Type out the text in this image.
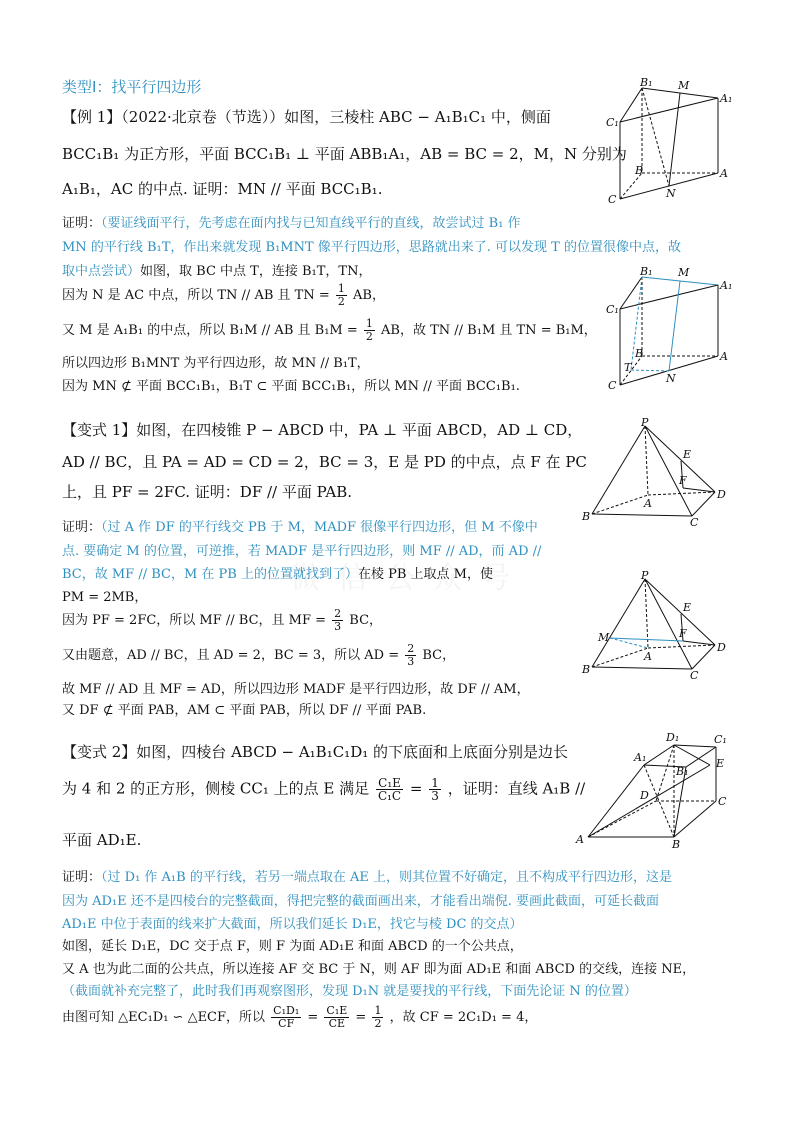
类型Ⅰ：找平行四边形
【例 1】（2022·北京卷（节选））如图，三棱柱 ABC − A₁B₁C₁ 中，侧面
BCC₁B₁ 为正方形，平面 BCC₁B₁ ⊥ 平面 ABB₁A₁，AB = BC = 2，M，N 分别为
A₁B₁，AC 的中点. 证明：MN // 平面 BCC₁B₁.
证明：（要证线面平行，先考虑在面内找与已知直线平行的直线，故尝试过 B₁ 作
MN 的平行线 B₁T，作出来就发现 B₁MNT 像平行四边形，思路就出来了. 可以发现 T 的位置很像中点，故
取中点尝试）如图，取 BC 中点 T，连接 B₁T，TN，
因为 N 是 AC 中点，所以 TN // AB 且 TN = $\frac{1}{2}$ AB，
又 M 是 A₁B₁ 的中点，所以 B₁M // AB 且 $B_1M = \frac{1}{2}$ AB，故 TN // B₁M 且 TN = B₁M，
所以四边形 B₁MNT 为平行四边形，故 MN // B₁T，
因为 MN ⊄ 平面 BCC₁B₁，B₁T ⊂ 平面 BCC₁B₁，所以 MN // 平面 BCC₁B₁.
【变式 1】如图，在四棱锥 P − ABCD 中，PA ⊥ 平面 ABCD，AD ⊥ CD，
AD // BC，且 PA = AD = CD = 2，BC = 3，E 是 PD 的中点，点 F 在 PC
上，且 PF = 2FC. 证明：DF // 平面 PAB.
证明：（过 A 作 DF 的平行线交 PB 于 M，MADF 很像平行四边形，但 M 不像中
点. 要确定 M 的位置，可逆推，若 MADF 是平行四边形，则 MF // AD，而 AD //
BC，故 MF // BC，M 在 PB 上的位置就找到了）在棱 PB 上取点 M，使
PM = 2MB，
因为 PF = 2FC，所以 MF // BC，且 MF = $\frac{2}{3}$ BC，
又由题意，AD // BC，且 AD = 2，BC = 3，所以 AD = $\frac{2}{3}$ BC，
故 MF // AD 且 MF = AD，所以四边形 MADF 是平行四边形，故 DF // AM，
又 DF ⊄ 平面 PAB，AM ⊂ 平面 PAB，所以 DF // 平面 PAB.
【变式 2】如图，四棱台 ABCD − A₁B₁C₁D₁ 的下底面和上底面分别是边长
为 4 和 2 的正方形，侧棱 CC₁ 上的点 E 满足 $\frac{\text{C₁E}}{\text{C₁C}} = \frac{1}{3}$ ，证明：直线 A₁B //
平面 AD₁E.
证明：（过 D₁ 作 A₁B 的平行线，若另一端点取在 AE 上，则其位置不好确定，且不构成平行四边形，这是
因为 AD₁E 还不是四棱台的完整截面，得把完整的截面画出来，才能看出端倪. 要画此截面，可延长截面
AD₁E 中位于表面的线来扩大截面，所以我们延长 D₁E，找它与棱 DC 的交点）
如图，延长 D₁E，DC 交于点 F，则 F 为面 AD₁E 和面 ABCD 的一个公共点，
又 A 也为此二面的公共点，所以连接 AF 交 BC 于 N，则 AF 即为面 AD₁E 和面 ABCD 的交线，连接 NE，
（截面就补充完整了，此时我们再观察图形，发现 D₁N 就是要找的平行线，下面先论证 N 的位置）
由图可知 △EC₁D₁ ∽ △ECF，所以 $\frac{\text{C₁D₁}}{CF} = \frac{\text{C₁E}}{CE} = \frac{1}{2}$ ，故 CF = 2C₁D₁ = 4，
B₁ M
A₁
C₁
B	A
C	N
B₁ M
A₁
C₁
B
T
C
N
A
P
E
F
D
A
B	C
P
E
F
M
D
A
B	C
D₁	C₁
A₁
B₁
E
D	C
A	B
